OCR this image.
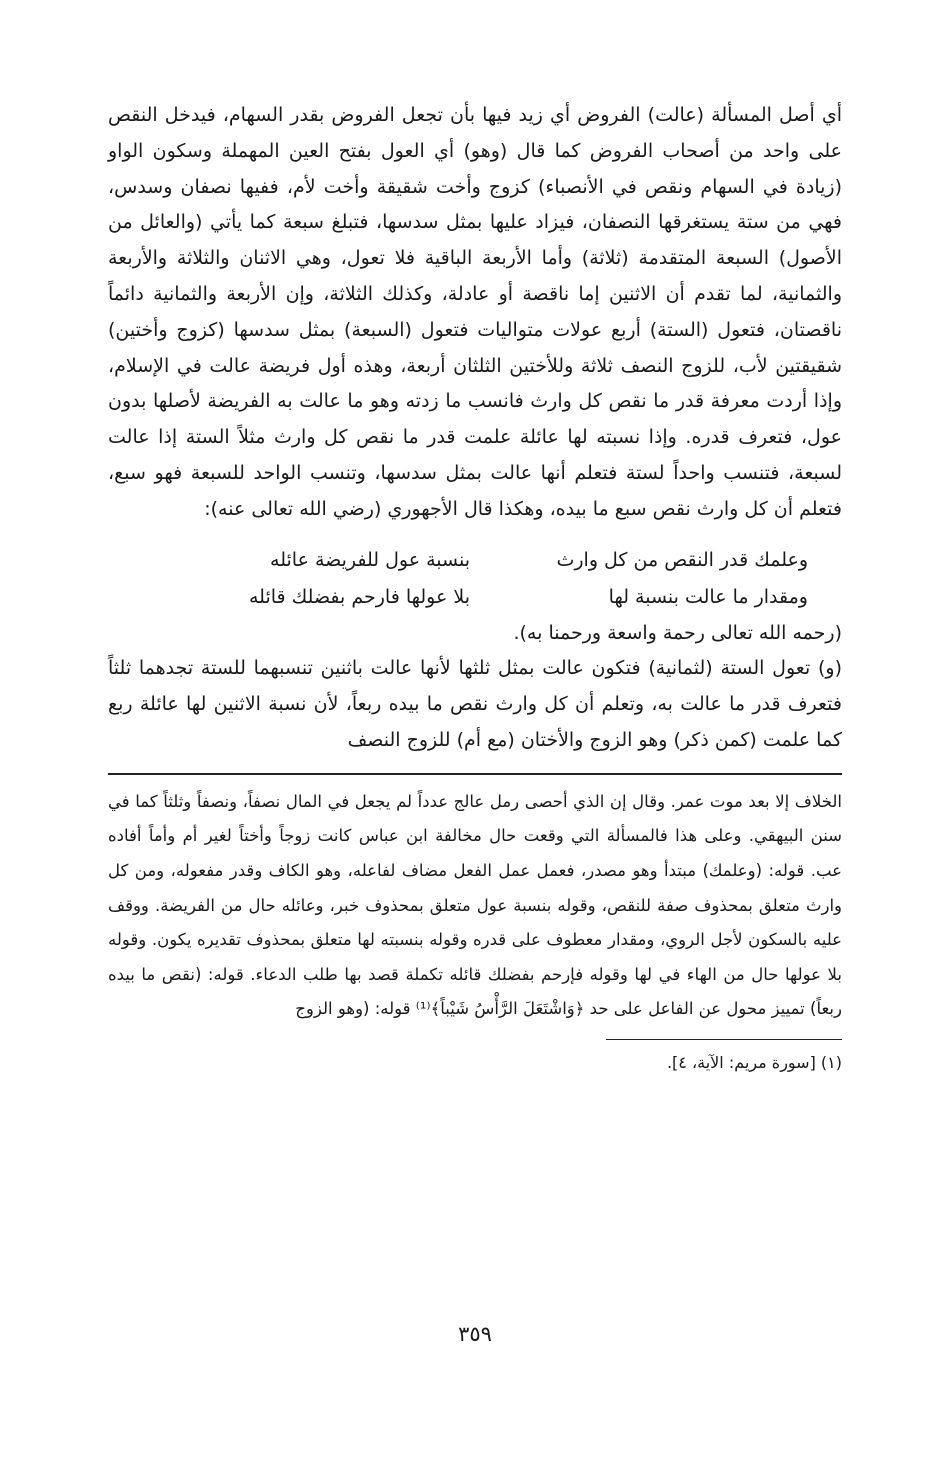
أي أصل المسألة (عالت) الفروض أي زيد فيها بأن تجعل الفروض بقدر السهام، فيدخل النقص على واحد من أصحاب الفروض كما قال (وهو) أي العول بفتح العين المهملة وسكون الواو (زيادة في السهام ونقص في الأنصباء) كزوج وأخت شقيقة وأخت لأم، ففيها نصفان وسدس، فهي من ستة يستغرقها النصفان، فيزاد عليها بمثل سدسها، فتبلغ سبعة كما يأتي (والعائل من الأصول) السبعة المتقدمة (ثلاثة) وأما الأربعة الباقية فلا تعول، وهي الاثنان والثلاثة والأربعة والثمانية، لما تقدم أن الاثنين إما ناقصة أو عادلة، وكذلك الثلاثة، وإن الأربعة والثمانية دائماً ناقصتان، فتعول (الستة) أربع عولات متواليات فتعول (السبعة) بمثل سدسها (كزوج وأختين) شقيقتين لأب، للزوج النصف ثلاثة وللأختين الثلثان أربعة، وهذه أول فريضة عالت في الإسلام، وإذا أردت معرفة قدر ما نقص كل وارث فانسب ما زدته وهو ما عالت به الفريضة لأصلها بدون عول، فتعرف قدره. وإذا نسبته لها عائلة علمت قدر ما نقص كل وارث مثلاً الستة إذا عالت لسبعة، فتنسب واحداً لستة فتعلم أنها عالت بمثل سدسها، وتنسب الواحد للسبعة فهو سبع، فتعلم أن كل وارث نقص سبع ما بيده، وهكذا قال الأجهوري (رضي الله تعالى عنه):

وعلمك قدر النقص من كل وارث
بنسبة عول للفريضة عائله
ومقدار ما عالت بنسبة لها
بلا عولها فارحم بفضلك قائله

(رحمه الله تعالى رحمة واسعة ورحمنا به).

(و) تعول الستة (لثمانية) فتكون عالت بمثل ثلثها لأنها عالت باثنين تنسبهما للستة تجدهما ثلثاً فتعرف قدر ما عالت به، وتعلم أن كل وارث نقص ما بيده ربعاً، لأن نسبة الاثنين لها عائلة ربع كما علمت (كمن ذكر) وهو الزوج والأختان (مع أم) للزوج النصف

الخلاف إلا بعد موت عمر. وقال إن الذي أحصى رمل عالج عدداً لم يجعل في المال نصفاً، ونصفاً وثلثاً كما في سنن البيهقي. وعلى هذا فالمسألة التي وقعت حال مخالفة ابن عباس كانت زوجاً وأختاً لغير أم وأماً أفاده عب. قوله: (وعلمك) مبتدأ وهو مصدر، فعمل عمل الفعل مضاف لفاعله، وهو الكاف وقدر مفعوله، ومن كل وارث متعلق بمحذوف صفة للنقص، وقوله بنسبة عول متعلق بمحذوف خبر، وعائله حال من الفريضة. ووقف عليه بالسكون لأجل الروي، ومقدار معطوف على قدره وقوله بنسبته لها متعلق بمحذوف تقديره يكون. وقوله بلا عولها حال من الهاء في لها وقوله فإرحم بفضلك قائله تكملة قصد بها طلب الدعاء. قوله: (نقص ما بيده ربعاً) تمييز محول عن الفاعل على حد ﴿وَاشْتَعَلَ الرَّأْسُ شَيْباً﴾⁽¹⁾ قوله: (وهو الزوج

(١) [سورة مريم: الآية، ٤].
٣٥٩
